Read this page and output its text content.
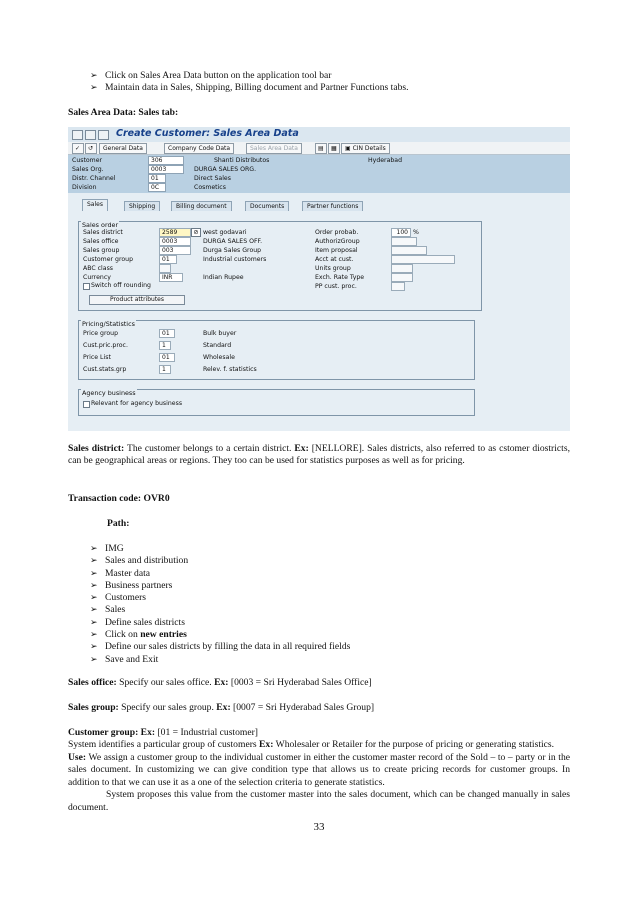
➢ Click on Sales Area Data button on the application tool bar
➢ Maintain data in Sales, Shipping, Billing document and Partner Functions tabs.
Sales Area Data: Sales tab:
Create Customer: Sales Area Data
✓	↺	General Data	Company Code Data	Sales Area Data	▤	▦	▣ CIN Details
Customer	306	Shanti Distributos	Hyderabad
Sales Org.	0003	DURGA SALES ORG.
Distr. Channel	01	Direct Sales
Division	0C	Cosmetics
Sales	Shipping	Billing document	Documents	Partner functions
Sales order
Sales district	2589	⊘ west godavari
Sales office	0003	DURGA SALES OFF.
Sales group	003	Durga Sales Group
Customer group	01	Industrial customers
ABC class
Currency	INR	Indian Rupee
Switch off rounding
Product attributes
Order probab.	100 %
AuthorizGroup
Item proposal
Acct at cust.
Units group
Exch. Rate Type
PP cust. proc.
Pricing/Statistics
Price group	01	Bulk buyer
Cust.pric.proc.	1	Standard
Price List	01	Wholesale
Cust.stats.grp	1	Relev. f. statistics
Agency business
Relevant for agency business
Sales district: The customer belongs to a certain district. Ex: [NELLORE]. Sales districts, also referred to as cstomer diostricts, can be geographical areas or regions. They too can be used for statistics purposes as well as for pricing.
Transaction code: OVR0
Path:
➢ IMG
➢ Sales and distribution
➢ Master data
➢ Business partners
➢ Customers
➢ Sales
➢ Define sales districts
➢ Click on new entries
➢ Define our sales districts by filling the data in all required fields
➢ Save and Exit
Sales office: Specify our sales office. Ex: [0003 = Sri Hyderabad Sales Office]
Sales group: Specify our sales group. Ex: [0007 = Sri Hyderabad Sales Group]
Customer group: Ex: [01 = Industrial customer]
System identifies a particular group of customers Ex: Wholesaler or Retailer for the purpose of pricing or generating statistics.
Use: We assign a customer group to the individual customer in either the customer master record of the Sold – to – party or in the sales document. In customizing we can give condition type that allows us to create pricing records for customer groups. In addition to that we can use it as a one of the selection criteria to generate statistics.
System proposes this value from the customer master into the sales document, which can be changed manually in sales document.
33
